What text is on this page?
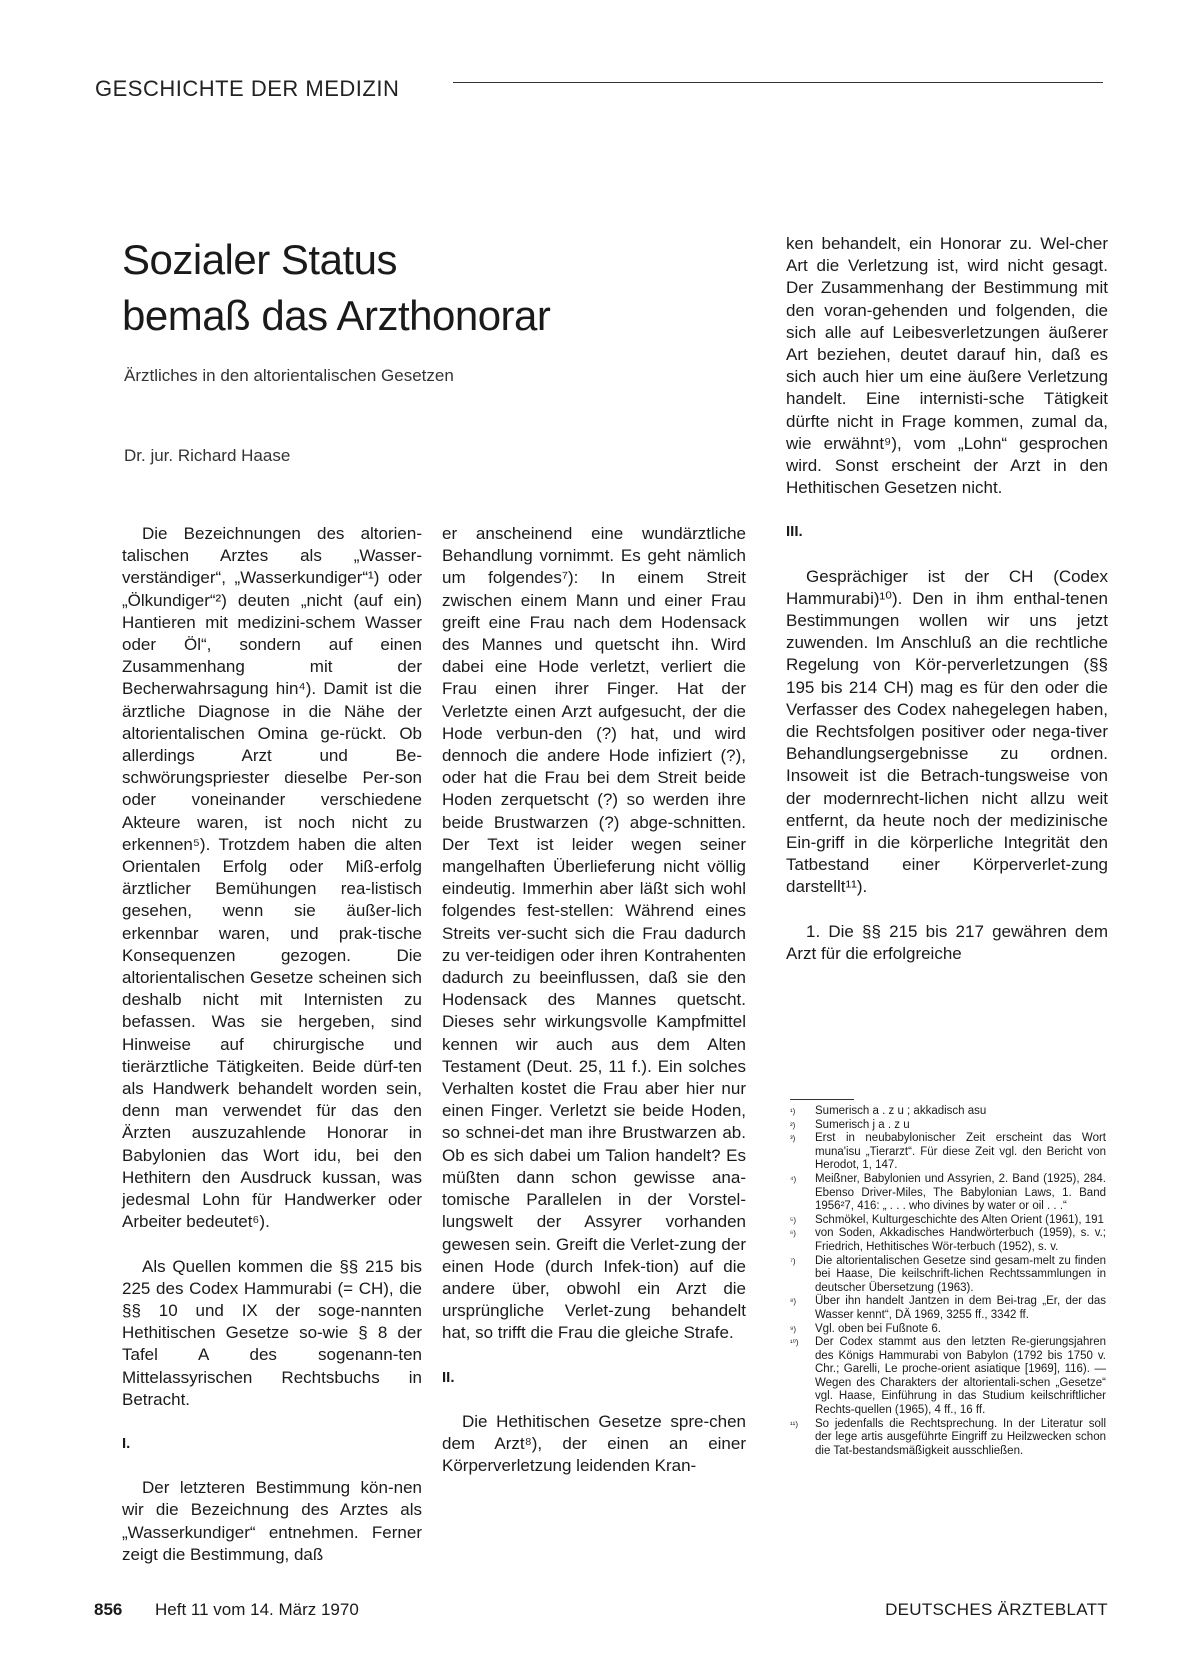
GESCHICHTE DER MEDIZIN
Sozialer Status
bemaß das Arzthonorar
Ärztliches in den altorientalischen Gesetzen
Dr. jur. Richard Haase

Die Bezeichnungen des altorien-talischen Arztes als „Wasser-verständiger“, „Wasserkundiger“¹) oder „Ölkundiger“²) deuten „nicht (auf ein) Hantieren mit medizini-schem Wasser oder Öl“, sondern auf einen Zusammenhang mit der Becherwahrsagung hin⁴). Damit ist die ärztliche Diagnose in die Nähe der altorientalischen Omina ge-rückt. Ob allerdings Arzt und Be-schwörungspriester dieselbe Per-son oder voneinander verschiedene Akteure waren, ist noch nicht zu erkennen⁵). Trotzdem haben die alten Orientalen Erfolg oder Miß-erfolg ärztlicher Bemühungen rea-listisch gesehen, wenn sie äußer-lich erkennbar waren, und prak-tische Konsequenzen gezogen. Die altorientalischen Gesetze scheinen sich deshalb nicht mit Internisten zu befassen. Was sie hergeben, sind Hinweise auf chirurgische und tierärztliche Tätigkeiten. Beide dürf-ten als Handwerk behandelt worden sein, denn man verwendet für das den Ärzten auszuzahlende Honorar in Babylonien das Wort idu, bei den Hethitern den Ausdruck kussan, was jedesmal Lohn für Handwerker oder Arbeiter bedeutet⁶).

Als Quellen kommen die §§ 215 bis 225 des Codex Hammurabi (= CH), die §§ 10 und IX der soge-nannten Hethitischen Gesetze so-wie § 8 der Tafel A des sogenann-ten Mittelassyrischen Rechtsbuchs in Betracht.

I.

Der letzteren Bestimmung kön-nen wir die Bezeichnung des Arztes als „Wasserkundiger“ entnehmen. Ferner zeigt die Bestimmung, daß

er anscheinend eine wundärztliche Behandlung vornimmt. Es geht nämlich um folgendes⁷): In einem Streit zwischen einem Mann und einer Frau greift eine Frau nach dem Hodensack des Mannes und quetscht ihn. Wird dabei eine Hode verletzt, verliert die Frau einen ihrer Finger. Hat der Verletzte einen Arzt aufgesucht, der die Hode verbun-den (?) hat, und wird dennoch die andere Hode infiziert (?), oder hat die Frau bei dem Streit beide Hoden zerquetscht (?) so werden ihre beide Brustwarzen (?) abge-schnitten. Der Text ist leider wegen seiner mangelhaften Überlieferung nicht völlig eindeutig. Immerhin aber läßt sich wohl folgendes fest-stellen: Während eines Streits ver-sucht sich die Frau dadurch zu ver-teidigen oder ihren Kontrahenten dadurch zu beeinflussen, daß sie den Hodensack des Mannes quetscht. Dieses sehr wirkungsvolle Kampfmittel kennen wir auch aus dem Alten Testament (Deut. 25, 11 f.). Ein solches Verhalten kostet die Frau aber hier nur einen Finger. Verletzt sie beide Hoden, so schnei-det man ihre Brustwarzen ab. Ob es sich dabei um Talion handelt? Es müßten dann schon gewisse ana-tomische Parallelen in der Vorstel-lungswelt der Assyrer vorhanden gewesen sein. Greift die Verlet-zung der einen Hode (durch Infek-tion) auf die andere über, obwohl ein Arzt die ursprüngliche Verlet-zung behandelt hat, so trifft die Frau die gleiche Strafe.

II.

Die Hethitischen Gesetze spre-chen dem Arzt⁸), der einen an einer Körperverletzung leidenden Kran-

ken behandelt, ein Honorar zu. Wel-cher Art die Verletzung ist, wird nicht gesagt. Der Zusammenhang der Bestimmung mit den voran-gehenden und folgenden, die sich alle auf Leibesverletzungen äußerer Art beziehen, deutet darauf hin, daß es sich auch hier um eine äußere Verletzung handelt. Eine internisti-sche Tätigkeit dürfte nicht in Frage kommen, zumal da, wie erwähnt⁹), vom „Lohn“ gesprochen wird. Sonst erscheint der Arzt in den Hethitischen Gesetzen nicht.

III.

Gesprächiger ist der CH (Codex Hammurabi)¹⁰). Den in ihm enthal-tenen Bestimmungen wollen wir uns jetzt zuwenden. Im Anschluß an die rechtliche Regelung von Kör-perverletzungen (§§ 195 bis 214 CH) mag es für den oder die Verfasser des Codex nahegelegen haben, die Rechtsfolgen positiver oder nega-tiver Behandlungsergebnisse zu ordnen. Insoweit ist die Betrach-tungsweise von der modernrecht-lichen nicht allzu weit entfernt, da heute noch der medizinische Ein-griff in die körperliche Integrität den Tatbestand einer Körperverlet-zung darstellt¹¹).

1. Die §§ 215 bis 217 gewähren dem Arzt für die erfolgreiche

¹)	Sumerisch a . z u ; akkadisch asu
²)	Sumerisch j a . z u
³)	Erst in neubabylonischer Zeit erscheint das Wort muna'isu „Tierarzt“. Für diese Zeit vgl. den Bericht von Herodot, 1, 147.
⁴)	Meißner, Babylonien und Assyrien, 2. Band (1925), 284. Ebenso Driver-Miles, The Babylonian Laws, 1. Band 1956²7, 416: „ . . . who divines by water or oil . . .“
⁵)	Schmökel, Kulturgeschichte des Alten Orient (1961), 191
⁶)	von Soden, Akkadisches Handwörterbuch (1959), s. v.; Friedrich, Hethitisches Wör-terbuch (1952), s. v.
⁷)	Die altorientalischen Gesetze sind gesam-melt zu finden bei Haase, Die keilschrift-lichen Rechtssammlungen in deutscher Übersetzung (1963).
⁸)	Über ihn handelt Jantzen in dem Bei-trag „Er, der das Wasser kennt“, DÄ 1969, 3255 ff., 3342 ff.
⁹)	Vgl. oben bei Fußnote 6.
¹⁰)	Der Codex stammt aus den letzten Re-gierungsjahren des Königs Hammurabi von Babylon (1792 bis 1750 v. Chr.; Garelli, Le proche-orient asiatique [1969], 116). — Wegen des Charakters der altorientali-schen „Gesetze“ vgl. Haase, Einführung in das Studium keilschriftlicher Rechts-quellen (1965), 4 ff., 16 ff.
¹¹)	So jedenfalls die Rechtsprechung. In der Literatur soll der lege artis ausgeführte Eingriff zu Heilzwecken schon die Tat-bestandsmäßigkeit ausschließen.
856 Heft 11 vom 14. März 1970	DEUTSCHES ÄRZTEBLATT
